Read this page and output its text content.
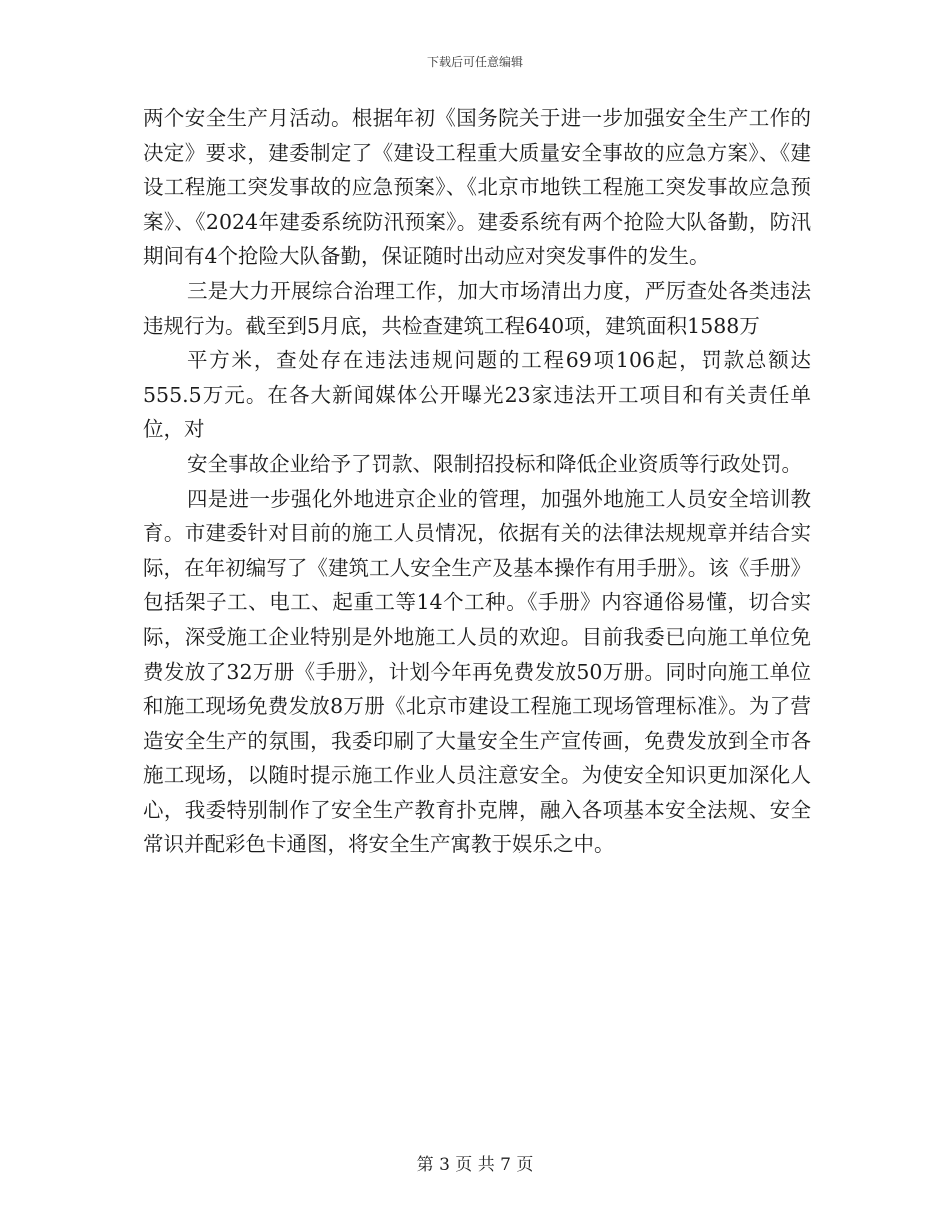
下载后可任意编辑

两个安全生产月活动。根据年初《国务院关于进一步加强安全生产工作的决定》要求，建委制定了《建设工程重大质量安全事故的应急方案》、《建设工程施工突发事故的应急预案》、《北京市地铁工程施工突发事故应急预案》、《2024年建委系统防汛预案》。建委系统有两个抢险大队备勤，防汛期间有4个抢险大队备勤，保证随时出动应对突发事件的发生。

三是大力开展综合治理工作，加大市场清出力度，严厉查处各类违法违规行为。截至到5月底，共检查建筑工程640项，建筑面积1588万

平方米，查处存在违法违规问题的工程69项106起，罚款总额达555.5万元。在各大新闻媒体公开曝光23家违法开工项目和有关责任单位，对

安全事故企业给予了罚款、限制招投标和降低企业资质等行政处罚。

四是进一步强化外地进京企业的管理，加强外地施工人员安全培训教育。市建委针对目前的施工人员情况，依据有关的法律法规规章并结合实际，在年初编写了《建筑工人安全生产及基本操作有用手册》。该《手册》包括架子工、电工、起重工等14个工种。《手册》内容通俗易懂，切合实际，深受施工企业特别是外地施工人员的欢迎。目前我委已向施工单位免费发放了32万册《手册》，计划今年再免费发放50万册。同时向施工单位和施工现场免费发放8万册《北京市建设工程施工现场管理标准》。为了营造安全生产的氛围，我委印刷了大量安全生产宣传画，免费发放到全市各施工现场，以随时提示施工作业人员注意安全。为使安全知识更加深化人心，我委特别制作了安全生产教育扑克牌，融入各项基本安全法规、安全常识并配彩色卡通图，将安全生产寓教于娱乐之中。

第 3 页 共 7 页
